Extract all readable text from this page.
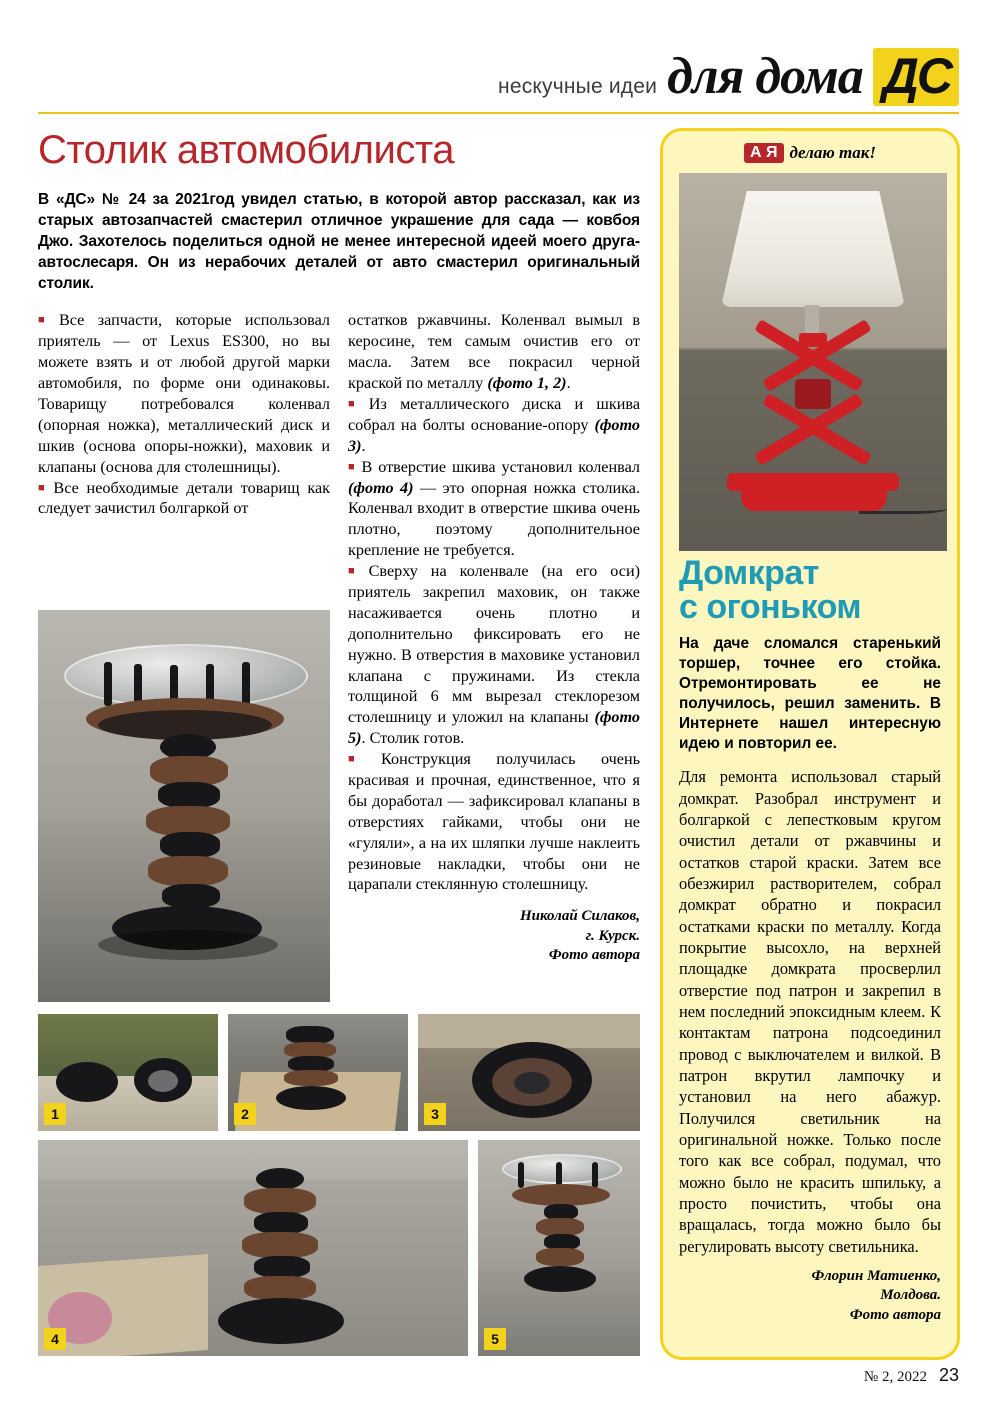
нескучные идеи для дома ДС
Столик автомобилиста

В «ДС» № 24 за 2021год увидел статью, в которой автор рассказал, как из старых автозапчастей смастерил отличное украшение для сада — ковбоя Джо. Захотелось поделиться одной не менее интересной идеей моего друга-автослесаря. Он из нерабочих деталей от авто смастерил оригинальный столик.

■ Все запчасти, которые использовал приятель — от Lexus ES300, но вы можете взять и от любой другой марки автомобиля, по форме они одинаковы. Товарищу потребовался коленвал (опорная ножка), металлический диск и шкив (основа опоры-ножки), маховик и клапаны (основа для столешницы).

■ Все необходимые детали товарищ как следует зачистил болгаркой от

остатков ржавчины. Коленвал вымыл в керосине, тем самым очистив его от масла. Затем все покрасил черной краской по металлу (фото 1, 2).

■ Из металлического диска и шкива собрал на болты основание-опору (фото 3).

■ В отверстие шкива установил коленвал (фото 4) — это опорная ножка столика. Коленвал входит в отверстие шкива очень плотно, поэтому дополнительное крепление не требуется.

■ Сверху на коленвале (на его оси) приятель закрепил маховик, он также насаживается очень плотно и дополнительно фиксировать его не нужно. В отверстия в маховике установил клапана с пружинами. Из стекла толщиной 6 мм вырезал стеклорезом столешницу и уложил на клапаны (фото 5). Столик готов.

■ Конструкция получилась очень красивая и прочная, единственное, что я бы доработал — зафиксировал клапаны в отверстиях гайками, чтобы они не «гуляли», а на их шляпки лучше наклеить резиновые накладки, чтобы они не царапали стеклянную столешницу.

Николай Силаков,
г. Курск.
Фото автора
1	2	3
4	5
А Я делаю так!
Домкрат
с огоньком

На даче сломался старенький торшер, точнее его стойка. Отремонтировать ее не получилось, решил заменить. В Интернете нашел интересную идею и повторил ее.

Для ремонта использовал старый домкрат. Разобрал инструмент и болгаркой с лепестковым кругом очистил детали от ржавчины и остатков старой краски. Затем все обезжирил растворителем, собрал домкрат обратно и покрасил остатками краски по металлу. Когда покрытие высохло, на верхней площадке домкрата просверлил отверстие под патрон и закрепил в нем последний эпоксидным клеем. К контактам патрона подсоединил провод с выключателем и вилкой. В патрон вкрутил лампочку и установил на него абажур. Получился светильник на оригинальной ножке. Только после того как все собрал, подумал, что можно было не красить шпильку, а просто почистить, чтобы она вращалась, тогда можно было бы регулировать высоту светильника.

Флорин Матиенко,
Молдова.
Фото автора
№ 2, 2022 23
